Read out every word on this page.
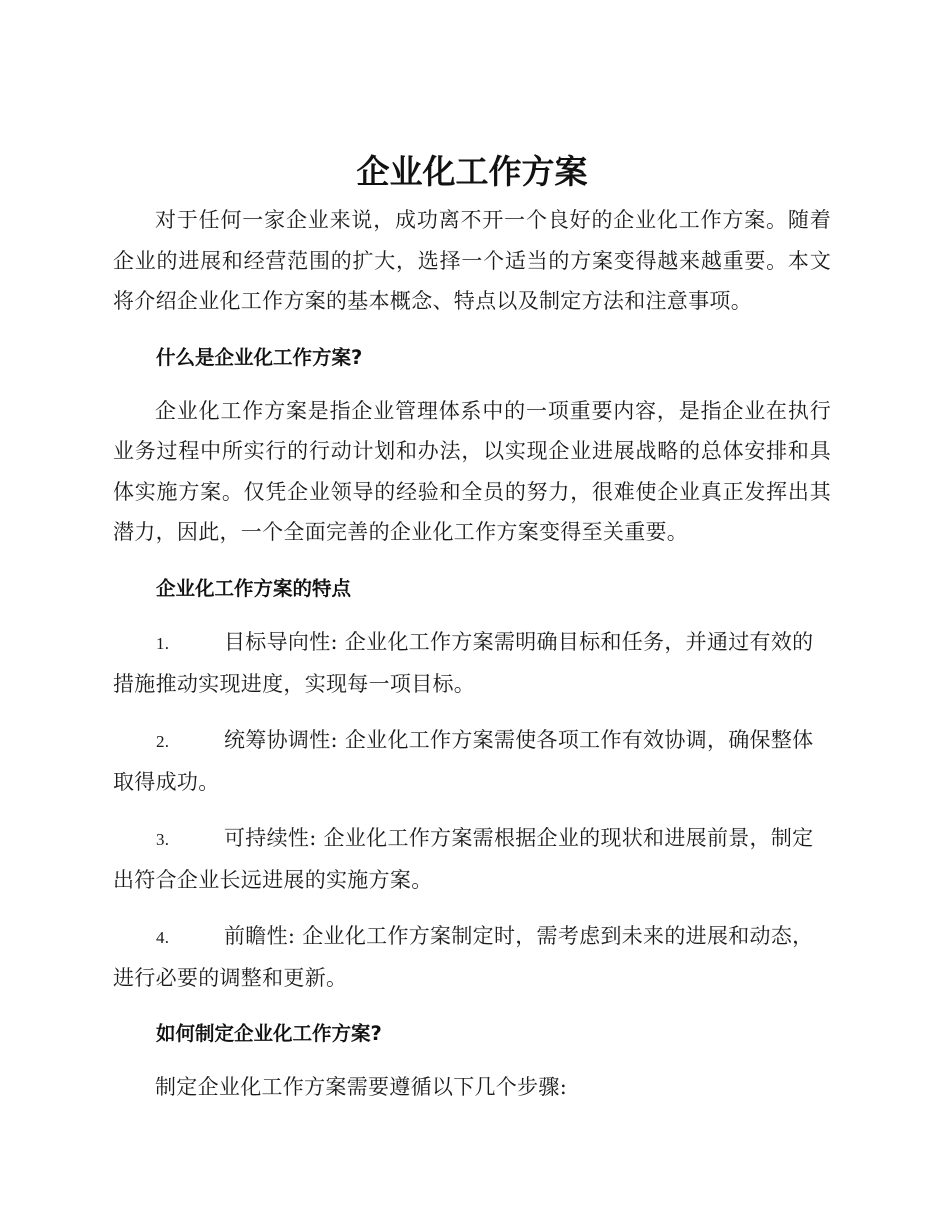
企业化工作方案

对于任何一家企业来说，成功离不开一个良好的企业化工作方案。随着企业的进展和经营范围的扩大，选择一个适当的方案变得越来越重要。本文将介绍企业化工作方案的基本概念、特点以及制定方法和注意事项。

什么是企业化工作方案?

企业化工作方案是指企业管理体系中的一项重要内容，是指企业在执行业务过程中所实行的行动计划和办法，以实现企业进展战略的总体安排和具体实施方案。仅凭企业领导的经验和全员的努力，很难使企业真正发挥出其潜力，因此，一个全面完善的企业化工作方案变得至关重要。

企业化工作方案的特点
1.	目标导向性: 企业化工作方案需明确目标和任务，并通过有效的措施推动实现进度，实现每一项目标。
2.	统筹协调性: 企业化工作方案需使各项工作有效协调，确保整体取得成功。
3.	可持续性: 企业化工作方案需根据企业的现状和进展前景，制定出符合企业长远进展的实施方案。
4.	前瞻性: 企业化工作方案制定时，需考虑到未来的进展和动态，进行必要的调整和更新。
如何制定企业化工作方案?

制定企业化工作方案需要遵循以下几个步骤:
